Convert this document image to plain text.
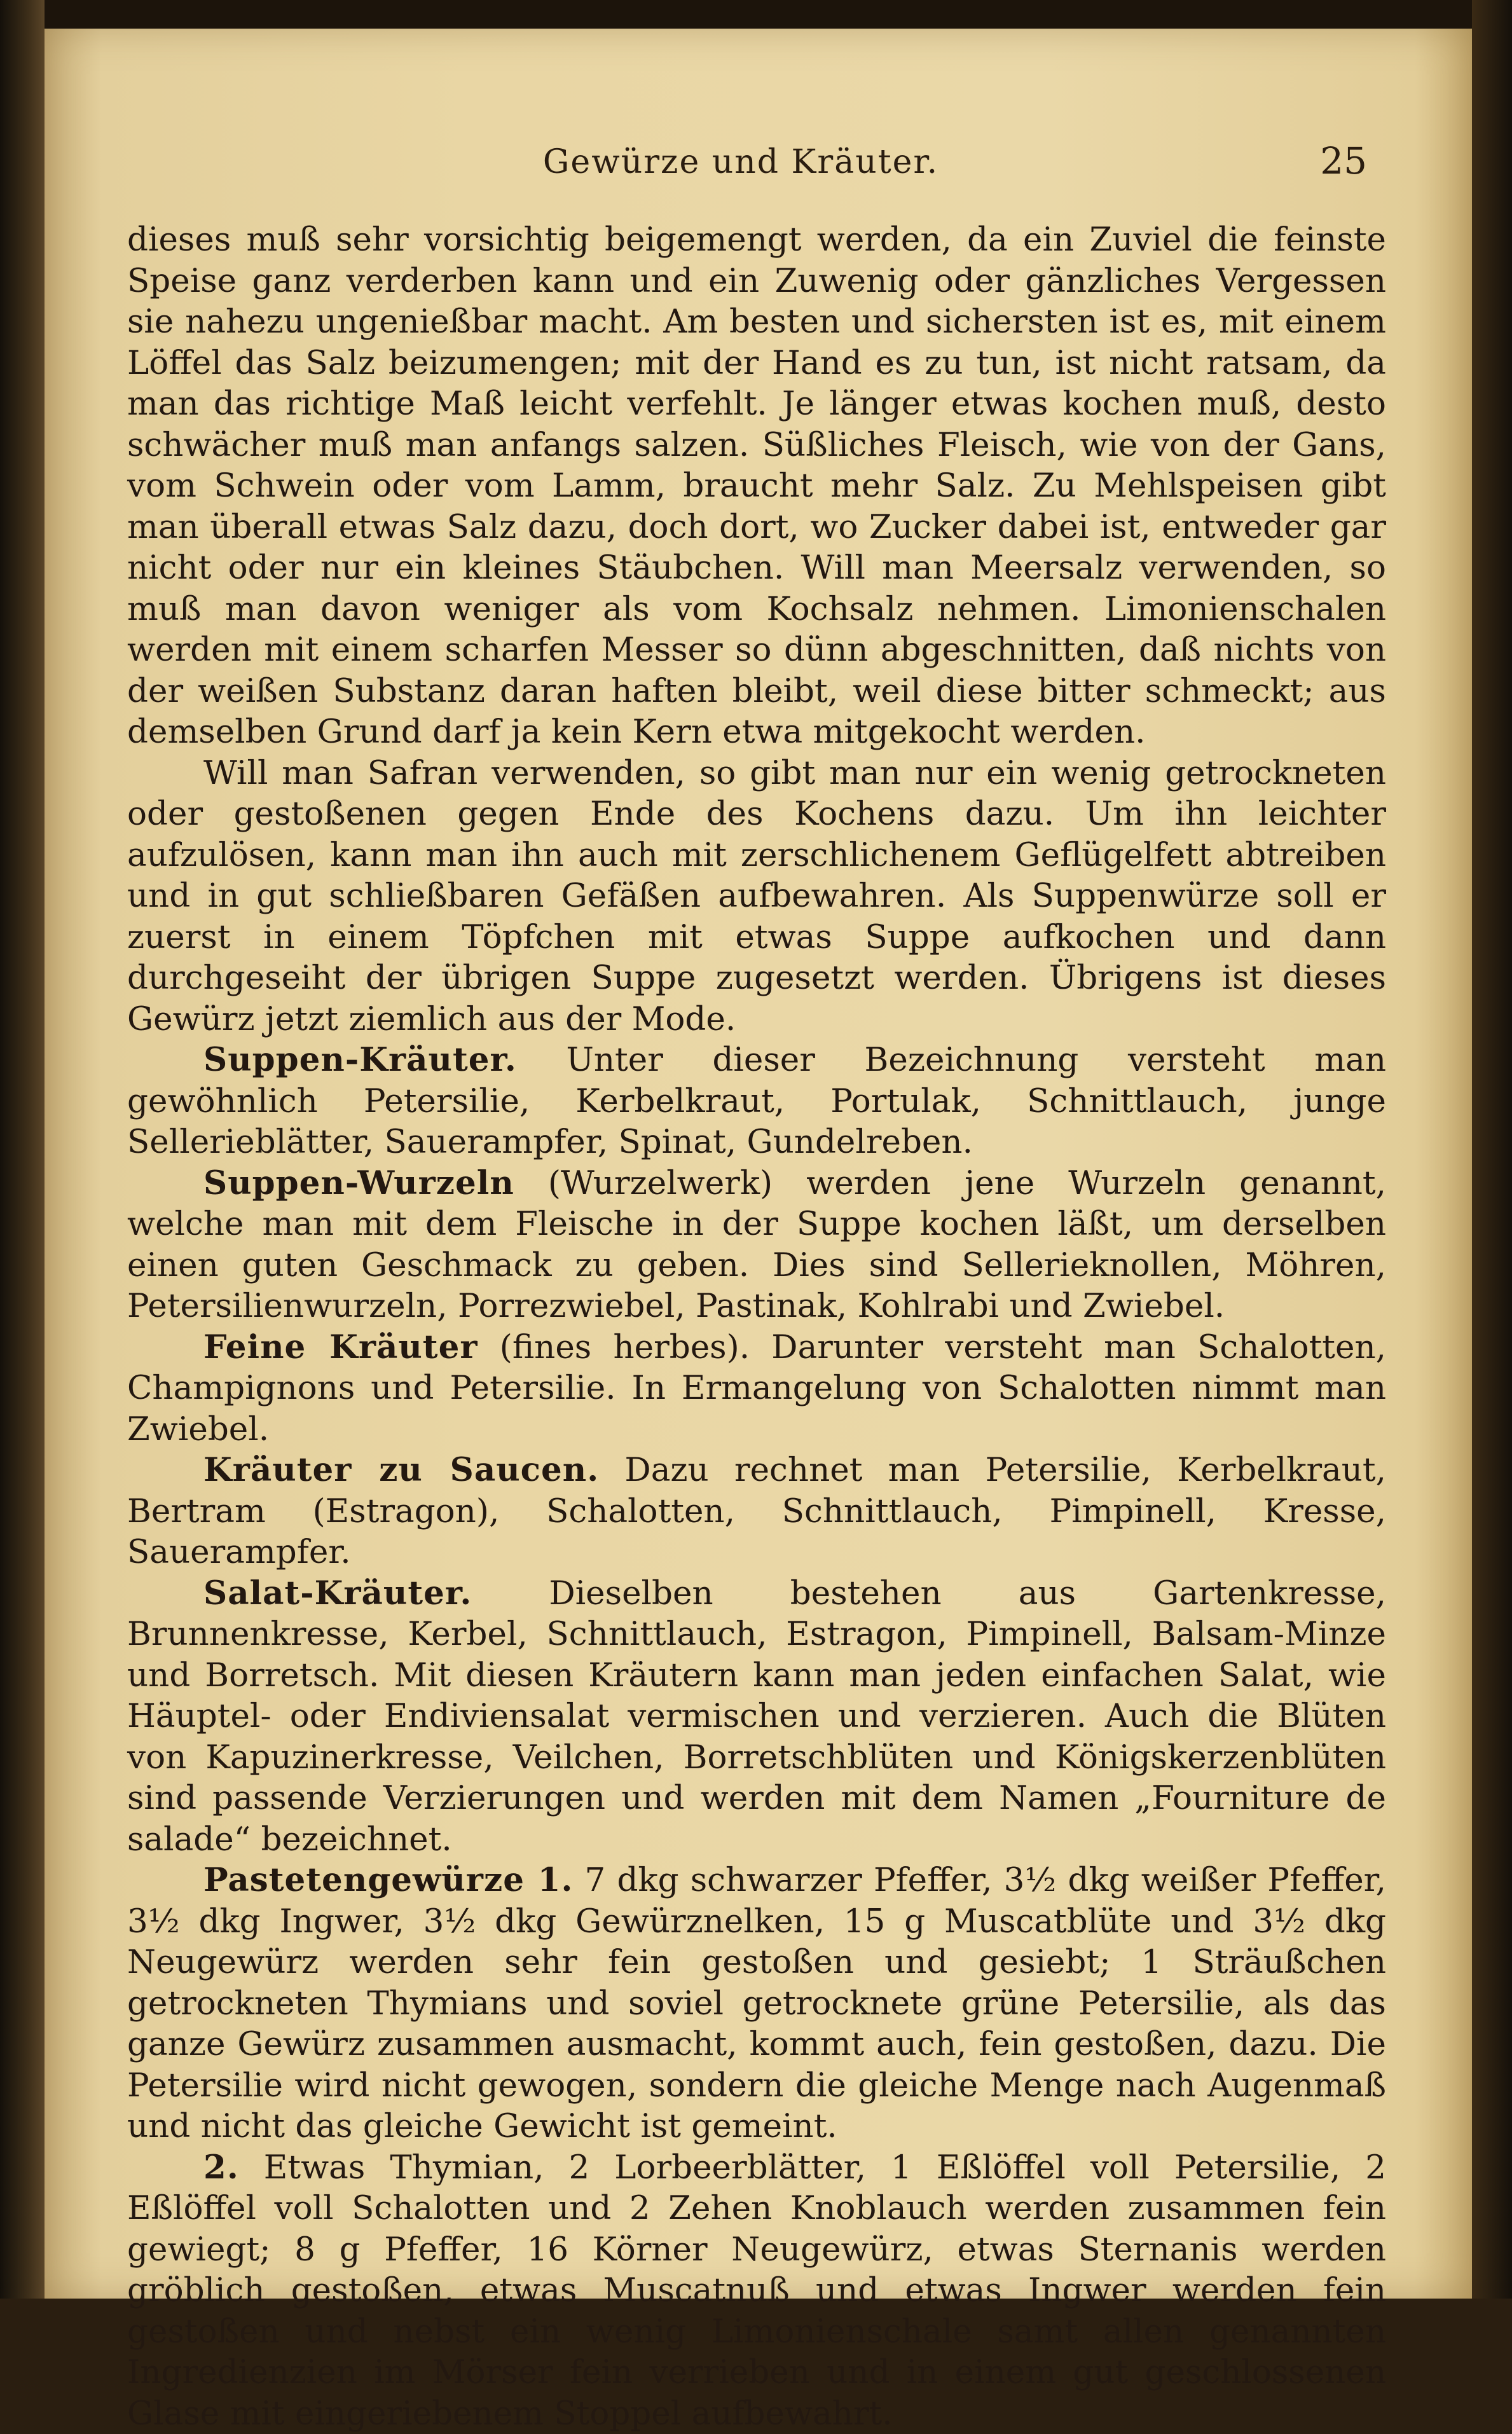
Gewürze und Kräuter.	25

dieses muß sehr vorsichtig beigemengt werden, da ein Zuviel die feinste Speise ganz verderben kann und ein Zuwenig oder gänzliches Vergessen sie nahezu ungenießbar macht. Am besten und sichersten ist es, mit einem Löffel das Salz beizumengen; mit der Hand es zu tun, ist nicht ratsam, da man das richtige Maß leicht verfehlt. Je länger etwas kochen muß, desto schwächer muß man anfangs salzen. Süßliches Fleisch, wie von der Gans, vom Schwein oder vom Lamm, braucht mehr Salz. Zu Mehlspeisen gibt man überall etwas Salz dazu, doch dort, wo Zucker dabei ist, entweder gar nicht oder nur ein kleines Stäubchen. Will man Meersalz verwenden, so muß man davon weniger als vom Kochsalz nehmen. Limonienschalen werden mit einem scharfen Messer so dünn abgeschnitten, daß nichts von der weißen Substanz daran haften bleibt, weil diese bitter schmeckt; aus demselben Grund darf ja kein Kern etwa mitgekocht werden.

Will man Safran verwenden, so gibt man nur ein wenig getrockneten oder gestoßenen gegen Ende des Kochens dazu. Um ihn leichter aufzulösen, kann man ihn auch mit zerschlichenem Geflügelfett abtreiben und in gut schließbaren Gefäßen aufbewahren. Als Suppenwürze soll er zuerst in einem Töpfchen mit etwas Suppe aufkochen und dann durchgeseiht der übrigen Suppe zugesetzt werden. Übrigens ist dieses Gewürz jetzt ziemlich aus der Mode.

Suppen-Kräuter. Unter dieser Bezeichnung versteht man gewöhnlich Petersilie, Kerbelkraut, Portulak, Schnittlauch, junge Sellerieblätter, Sauerampfer, Spinat, Gundelreben.

Suppen-Wurzeln (Wurzelwerk) werden jene Wurzeln genannt, welche man mit dem Fleische in der Suppe kochen läßt, um derselben einen guten Geschmack zu geben. Dies sind Sellerieknollen, Möhren, Petersilienwurzeln, Porrezwiebel, Pastinak, Kohlrabi und Zwiebel.

Feine Kräuter (fines herbes). Darunter versteht man Schalotten, Champignons und Petersilie. In Ermangelung von Schalotten nimmt man Zwiebel.

Kräuter zu Saucen. Dazu rechnet man Petersilie, Kerbelkraut, Bertram (Estragon), Schalotten, Schnittlauch, Pimpinell, Kresse, Sauerampfer.

Salat-Kräuter. Dieselben bestehen aus Gartenkresse, Brunnenkresse, Kerbel, Schnittlauch, Estragon, Pimpinell, Balsam-Minze und Borretsch. Mit diesen Kräutern kann man jeden einfachen Salat, wie Häuptel- oder Endiviensalat vermischen und verzieren. Auch die Blüten von Kapuzinerkresse, Veilchen, Borretschblüten und Königskerzenblüten sind passende Verzierungen und werden mit dem Namen „Fourniture de salade“ bezeichnet.

Pastetengewürze 1. 7 dkg schwarzer Pfeffer, 3½ dkg weißer Pfeffer, 3½ dkg Ingwer, 3½ dkg Gewürznelken, 15 g Muscatblüte und 3½ dkg Neugewürz werden sehr fein gestoßen und gesiebt; 1 Sträußchen getrockneten Thymians und soviel getrocknete grüne Petersilie, als das ganze Gewürz zusammen ausmacht, kommt auch, fein gestoßen, dazu. Die Petersilie wird nicht gewogen, sondern die gleiche Menge nach Augenmaß und nicht das gleiche Gewicht ist gemeint.

2. Etwas Thymian, 2 Lorbeerblätter, 1 Eßlöffel voll Petersilie, 2 Eßlöffel voll Schalotten und 2 Zehen Knoblauch werden zusammen fein gewiegt; 8 g Pfeffer, 16 Körner Neugewürz, etwas Sternanis werden gröblich gestoßen, etwas Muscatnuß und etwas Ingwer werden fein gestoßen und nebst ein wenig Limonienschale samt allen genannten Ingredienzien im Mörser fein verrieben und in einem gut geschlossenen Glase mit eingeriebenem Stoppel aufbewahrt.
